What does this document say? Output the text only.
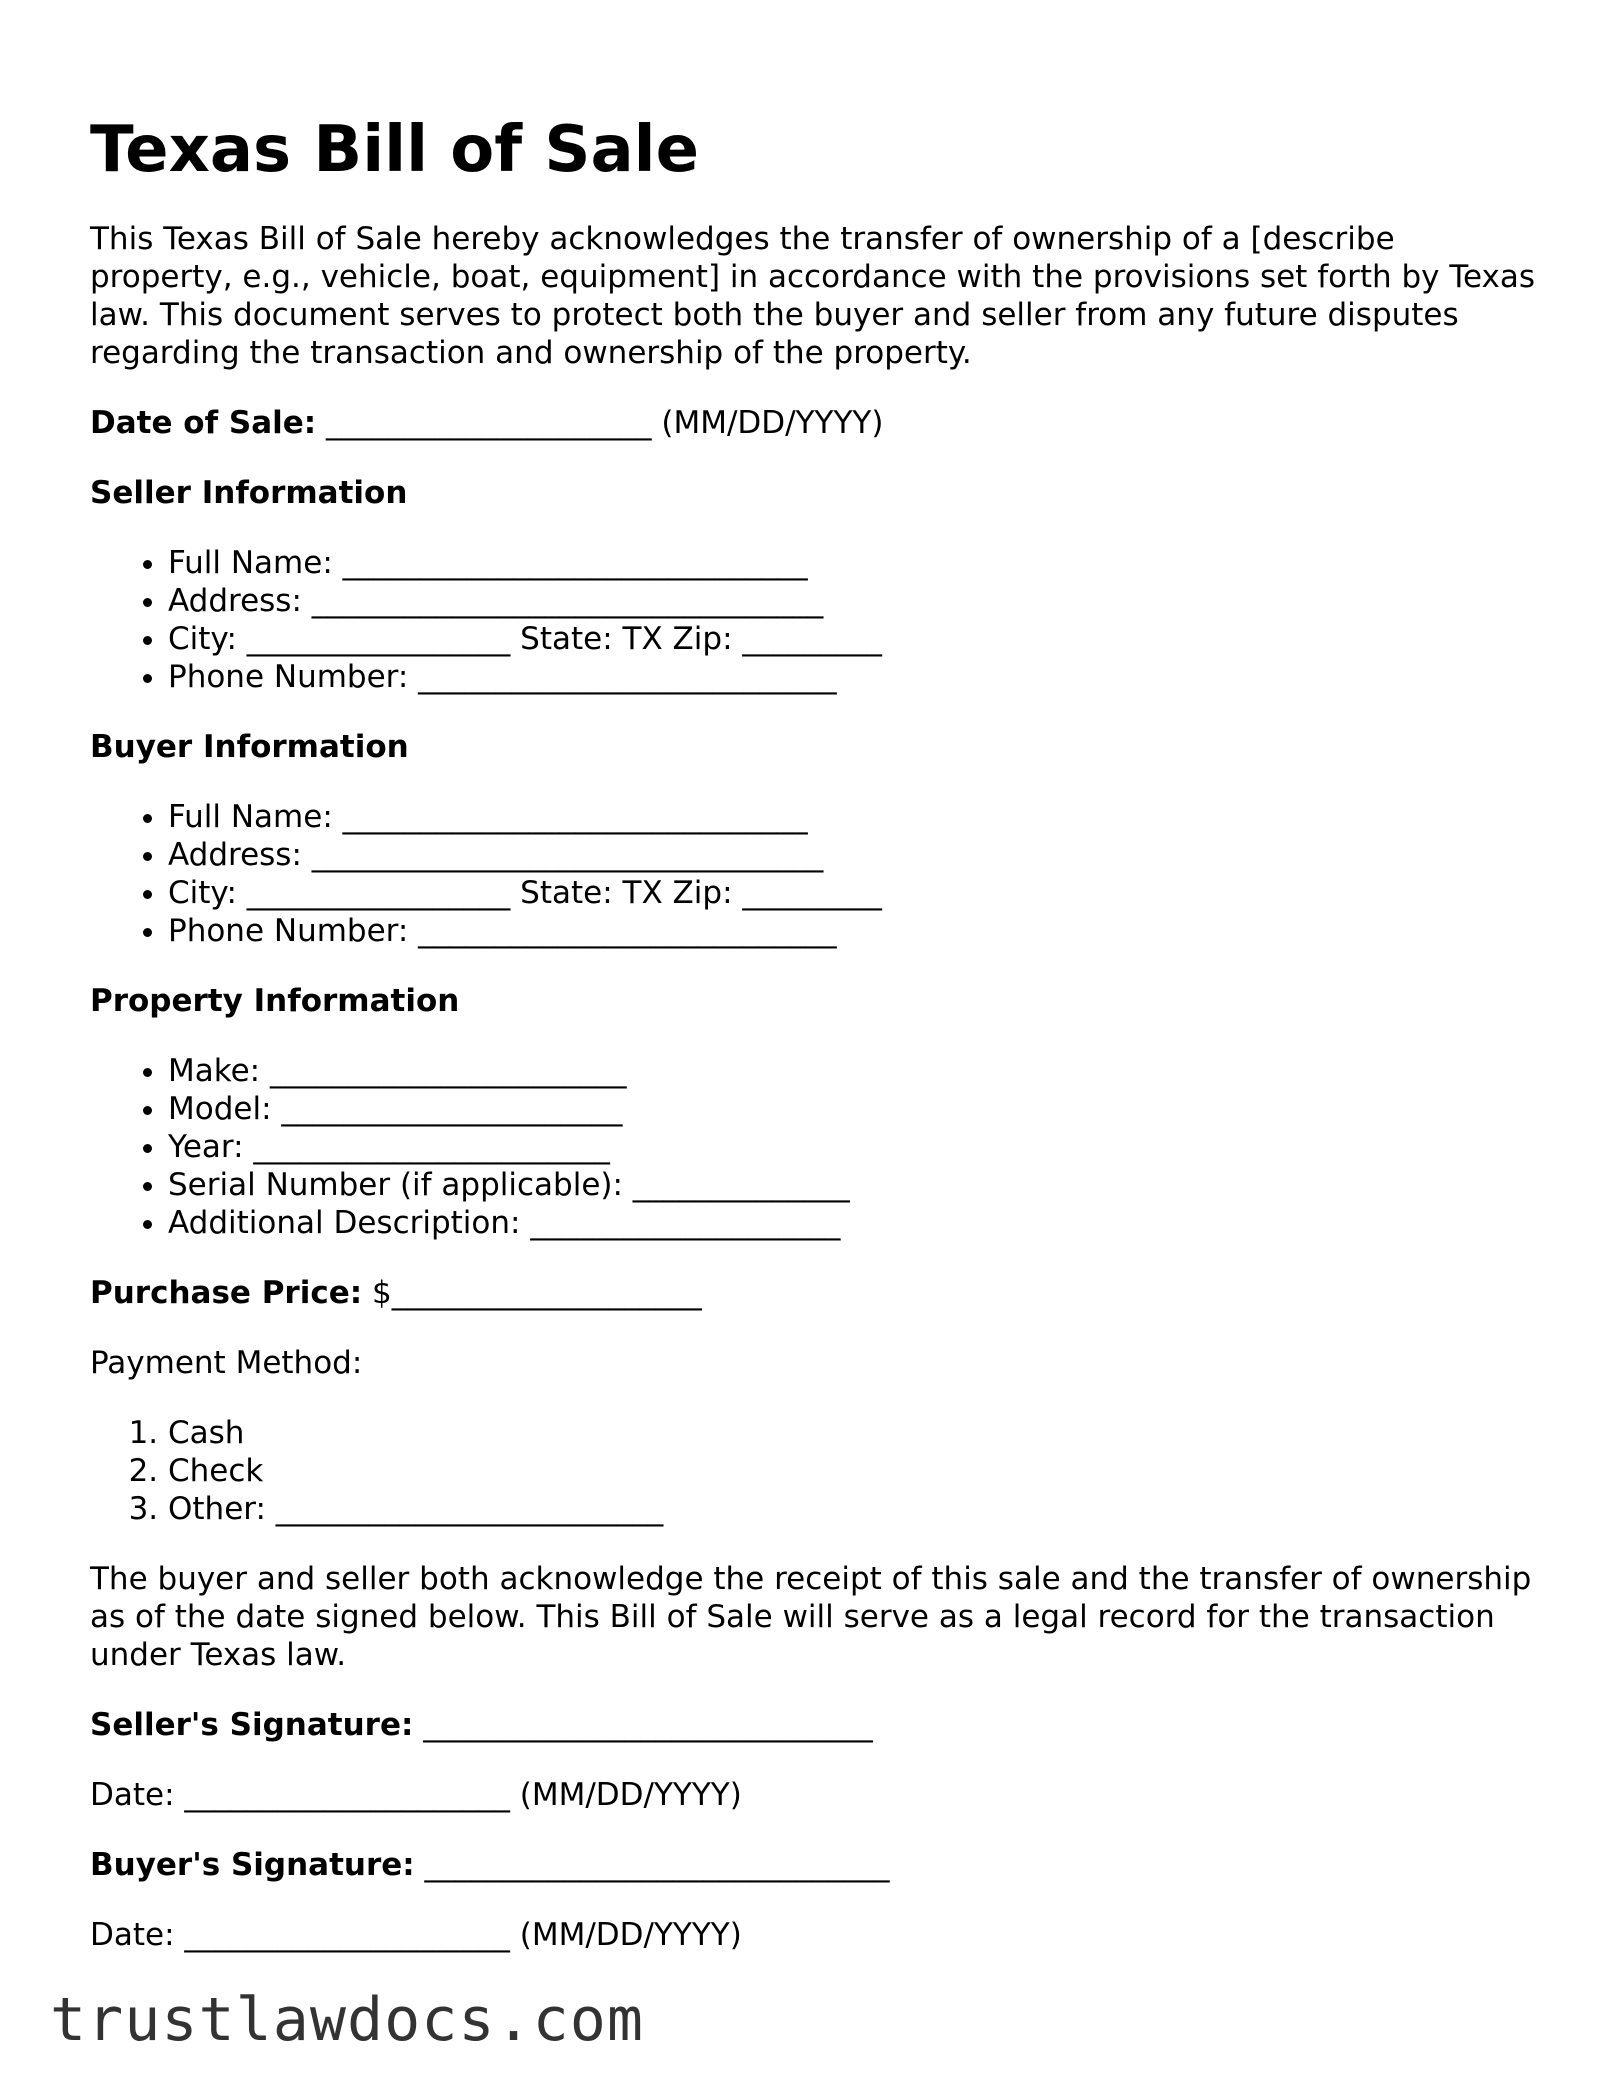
Texas Bill of Sale

This Texas Bill of Sale hereby acknowledges the transfer of ownership of a [describe property, e.g., vehicle, boat, equipment] in accordance with the provisions set forth by Texas law. This document serves to protect both the buyer and seller from any future disputes regarding the transaction and ownership of the property.

Date of Sale: _____________________ (MM/DD/YYYY)

Seller Information
• Full Name: ______________________________
• Address: _________________________________
• City: _________________ State: TX Zip: _________
• Phone Number: ___________________________
Buyer Information
• Full Name: ______________________________
• Address: _________________________________
• City: _________________ State: TX Zip: _________
• Phone Number: ___________________________
Property Information
• Make: _______________________
• Model: ______________________
• Year: _______________________
• Serial Number (if applicable): ______________
• Additional Description: ____________________

Purchase Price: $____________________

Payment Method:

1. Cash
2. Check
3. Other: _________________________

The buyer and seller both acknowledge the receipt of this sale and the transfer of ownership as of the date signed below. This Bill of Sale will serve as a legal record for the transaction under Texas law.

Seller's Signature: _____________________________

Date: _____________________ (MM/DD/YYYY)

Buyer's Signature: ______________________________

Date: _____________________ (MM/DD/YYYY)

trustlawdocs.com
